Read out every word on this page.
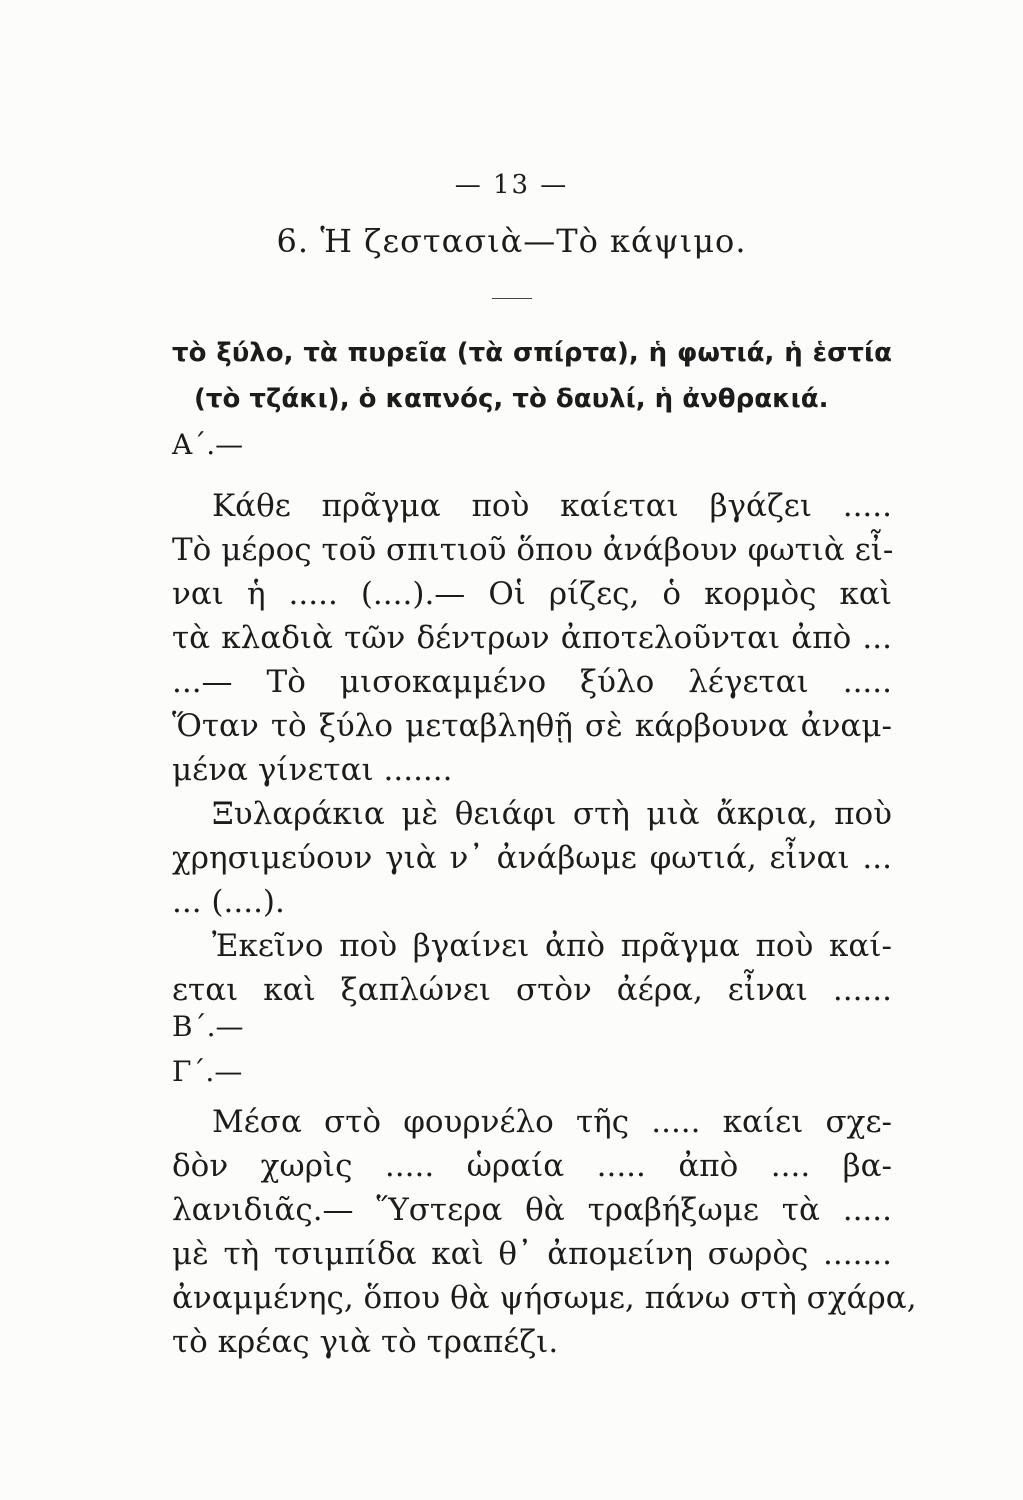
— 13 —
6. Ἡ ζεστασιὰ—Τὸ κάψιμο.
τὸ ξύλο, τὰ πυρεῖα (τὰ σπίρτα), ἡ φωτιά, ἡ ἑστία
(τὸ τζάκι), ὁ καπνός, τὸ δαυλί, ἡ ἀνθρακιά.
Α΄.—
Κάθε πρᾶγμα ποὺ καίεται βγάζει .....
Τὸ μέρος τοῦ σπιτιοῦ ὅπου ἀνάβουν φωτιὰ εἶ-
ναι ἡ ..... (....).— Οἱ ρίζες, ὁ κορμὸς καὶ
τὰ κλαδιὰ τῶν δέντρων ἀποτελοῦνται ἀπὸ ...
...— Τὸ μισοκαμμένο ξύλο λέγεται .....
Ὅταν τὸ ξύλο μεταβληθῇ σὲ κάρβουνα ἀναμ-
μένα γίνεται .......
Ξυλαράκια μὲ θειάφι στὴ μιὰ ἄκρια, ποὺ
χρησιμεύουν γιὰ ν᾿ ἀνάβωμε φωτιά, εἶναι ...
... (....).
Ἐκεῖνο ποὺ βγαίνει ἀπὸ πρᾶγμα ποὺ καί-
εται καὶ ξαπλώνει στὸν ἀέρα, εἶναι ......
Β΄.—
Γ΄.—
Μέσα στὸ φουρνέλο τῆς ..... καίει σχε-
δὸν χωρὶς ..... ὡραία ..... ἀπὸ .... βα-
λανιδιᾶς.— Ὕστερα θὰ τραβήξωμε τὰ .....
μὲ τὴ τσιμπίδα καὶ θ᾿ ἀπομείνη σωρὸς .......
ἀναμμένης, ὅπου θὰ ψήσωμε, πάνω στὴ σχάρα,
τὸ κρέας γιὰ τὸ τραπέζι.
